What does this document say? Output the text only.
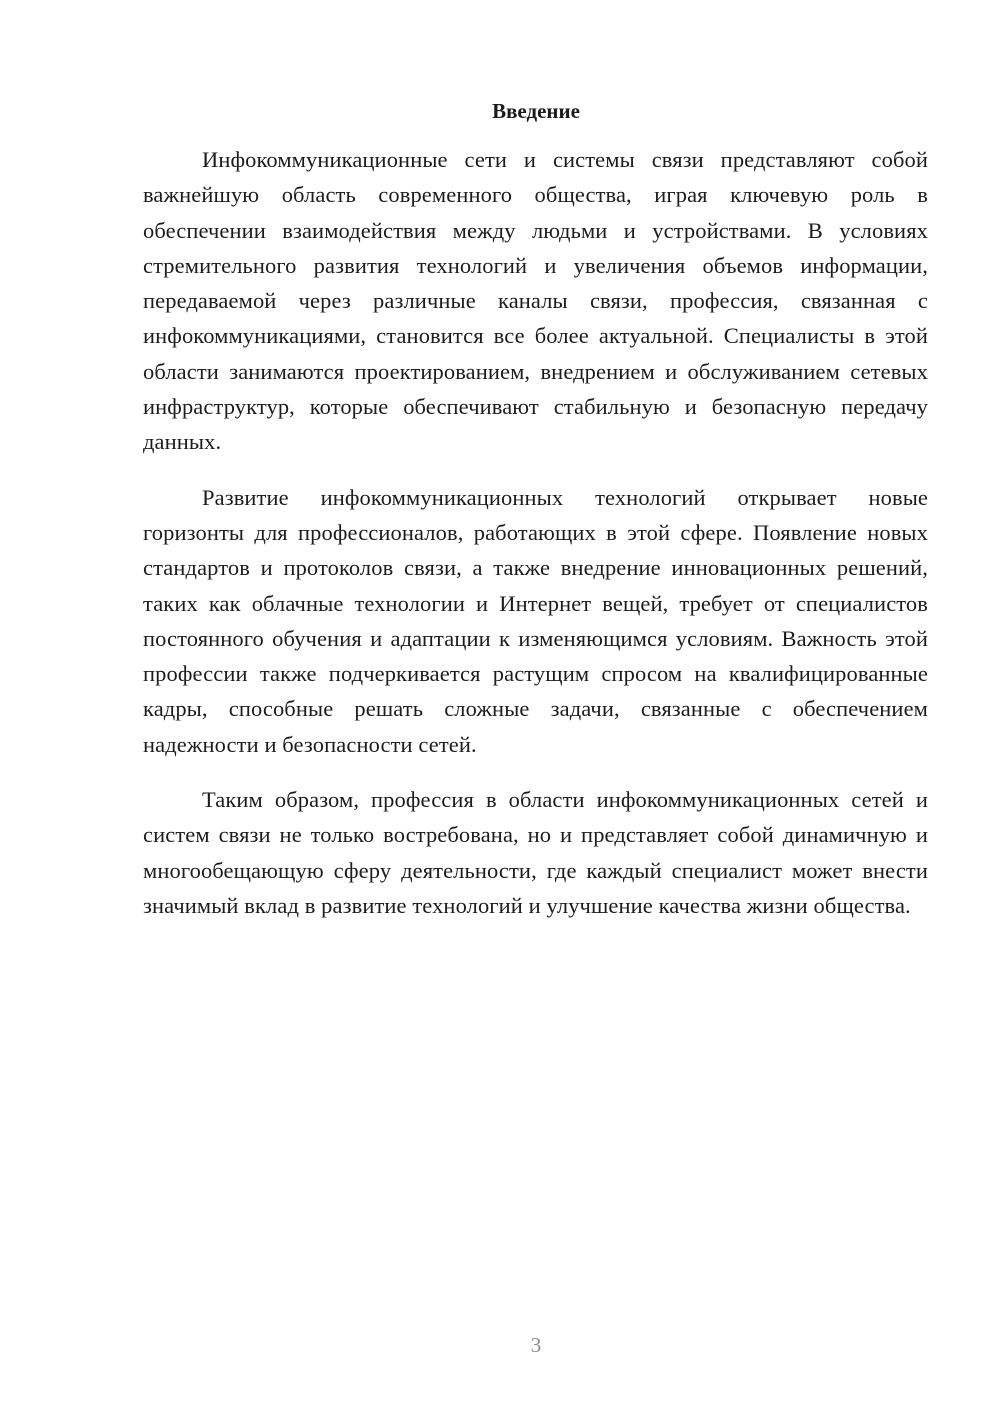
Введение

Инфокоммуникационные сети и системы связи представляют собой важнейшую область современного общества, играя ключевую роль в обеспечении взаимодействия между людьми и устройствами. В условиях стремительного развития технологий и увеличения объемов информации, передаваемой через различные каналы связи, профессия, связанная с инфокоммуникациями, становится все более актуальной. Специалисты в этой области занимаются проектированием, внедрением и обслуживанием сетевых инфраструктур, которые обеспечивают стабильную и безопасную передачу данных.

Развитие инфокоммуникационных технологий открывает новые горизонты для профессионалов, работающих в этой сфере. Появление новых стандартов и протоколов связи, а также внедрение инновационных решений, таких как облачные технологии и Интернет вещей, требует от специалистов постоянного обучения и адаптации к изменяющимся условиям. Важность этой профессии также подчеркивается растущим спросом на квалифицированные кадры, способные решать сложные задачи, связанные с обеспечением надежности и безопасности сетей.

Таким образом, профессия в области инфокоммуникационных сетей и систем связи не только востребована, но и представляет собой динамичную и многообещающую сферу деятельности, где каждый специалист может внести значимый вклад в развитие технологий и улучшение качества жизни общества.

3
